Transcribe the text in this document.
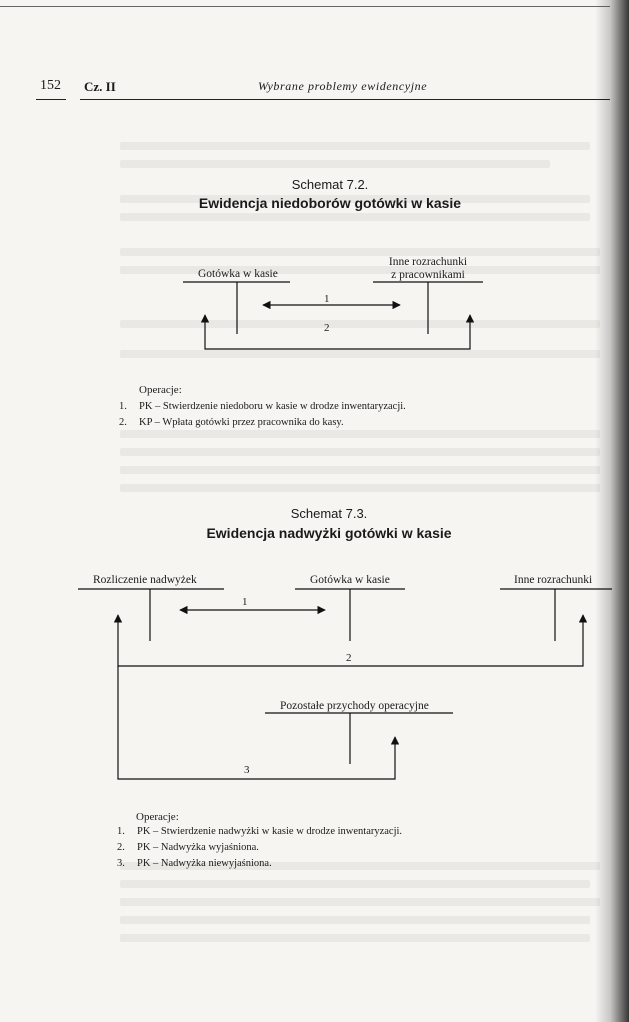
152 Cz. II	Wybrane problemy ewidencyjne
Schemat 7.2.
Ewidencja niedoborów gotówki w kasie
Gotówka w kasie
Inne rozrachunki
z pracownikami
1
2
Operacje:
1. PK – Stwierdzenie niedoboru w kasie w drodze inwentaryzacji.
2. KP – Wpłata gotówki przez pracownika do kasy.
Schemat 7.3.
Ewidencja nadwyżki gotówki w kasie
Rozliczenie nadwyżek	Gotówka w kasie	Inne rozrachunki
Pozostałe przychody operacyjne
1
2
3
Operacje:
1. PK – Stwierdzenie nadwyżki w kasie w drodze inwentaryzacji.
2. PK – Nadwyżka wyjaśniona.
3. PK – Nadwyżka niewyjaśniona.
